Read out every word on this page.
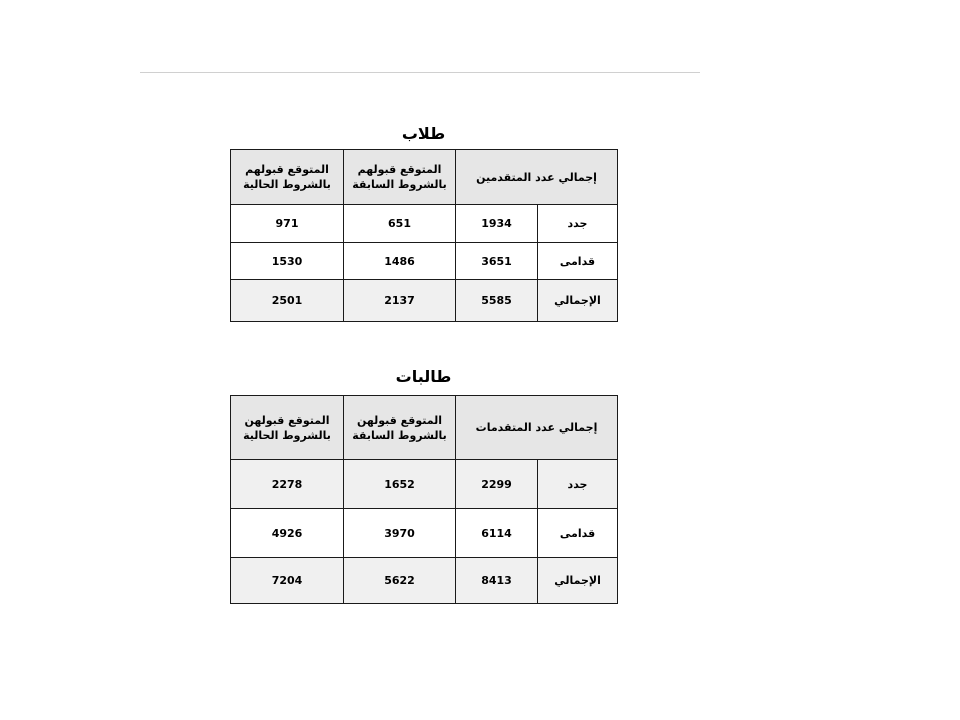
طلاب
إجمالي عدد المتقدمين		المتوقع قبولهم بالشروط السابقة	المتوقع قبولهم بالشروط الحالية
جدد	1934	651	971
قدامى	3651	1486	1530
الإجمالي	5585	2137	2501
طالبات
إجمالي عدد المتقدمات		المتوقع قبولهن بالشروط السابقة	المتوقع قبولهن بالشروط الحالية
جدد	2299	1652	2278
قدامى	6114	3970	4926
الإجمالي	8413	5622	7204
